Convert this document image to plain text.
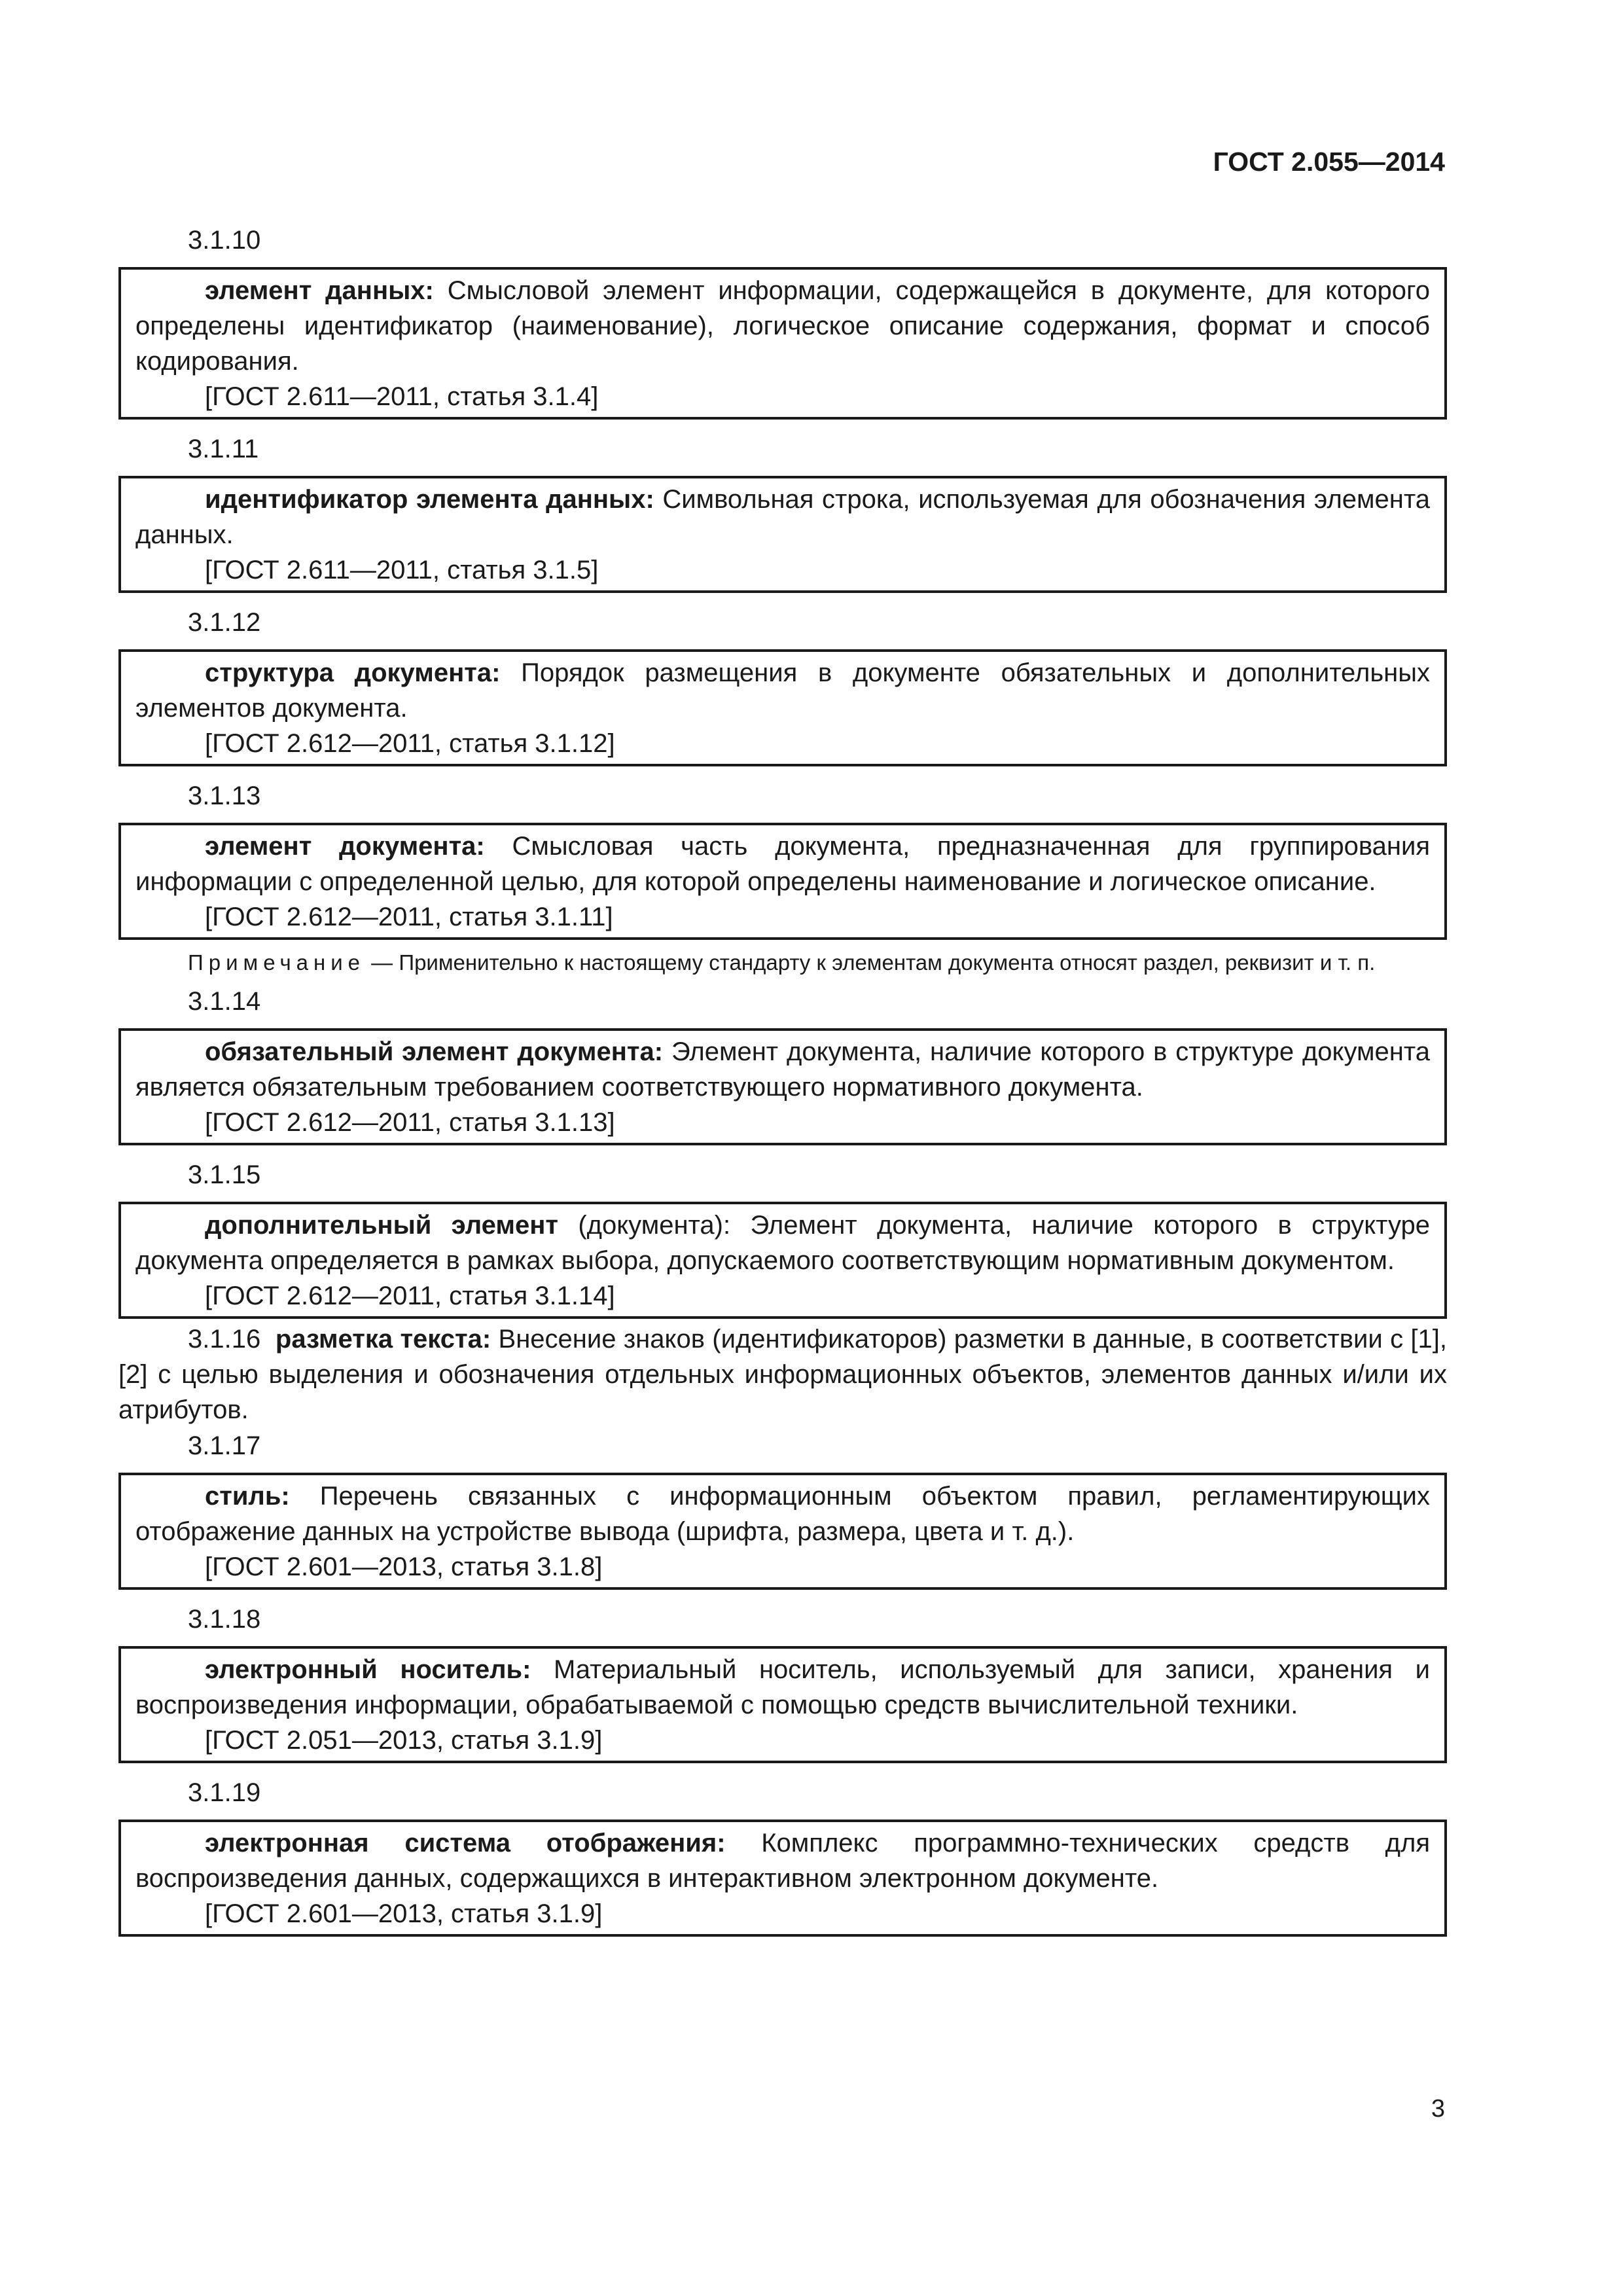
ГОСТ 2.055—2014
3.1.10
элемент данных: Смысловой элемент информации, содержащейся в документе, для которого определены идентификатор (наименование), логическое описание содержания, формат и способ кодирования.
[ГОСТ 2.611—2011, статья 3.1.4]
3.1.11
идентификатор элемента данных: Символьная строка, используемая для обозначения элемента данных.
[ГОСТ 2.611—2011, статья 3.1.5]
3.1.12
структура документа: Порядок размещения в документе обязательных и дополнительных элементов документа.
[ГОСТ 2.612—2011, статья 3.1.12]
3.1.13
элемент документа: Смысловая часть документа, предназначенная для группирования информации с определенной целью, для которой определены наименование и логическое описание.
[ГОСТ 2.612—2011, статья 3.1.11]
Примечание — Применительно к настоящему стандарту к элементам документа относят раздел, реквизит и т. п.
3.1.14
обязательный элемент документа: Элемент документа, наличие которого в структуре документа является обязательным требованием соответствующего нормативного документа.
[ГОСТ 2.612—2011, статья 3.1.13]
3.1.15
дополнительный элемент (документа): Элемент документа, наличие которого в структуре документа определяется в рамках выбора, допускаемого соответствующим нормативным документом.
[ГОСТ 2.612—2011, статья 3.1.14]
3.1.16 разметка текста: Внесение знаков (идентификаторов) разметки в данные, в соответствии с [1], [2] с целью выделения и обозначения отдельных информационных объектов, элементов данных и/или их атрибутов.
3.1.17
стиль: Перечень связанных с информационным объектом правил, регламентирующих отображение данных на устройстве вывода (шрифта, размера, цвета и т. д.).
[ГОСТ 2.601—2013, статья 3.1.8]
3.1.18
электронный носитель: Материальный носитель, используемый для записи, хранения и воспроизведения информации, обрабатываемой с помощью средств вычислительной техники.
[ГОСТ 2.051—2013, статья 3.1.9]
3.1.19
электронная система отображения: Комплекс программно-технических средств для воспроизведения данных, содержащихся в интерактивном электронном документе.
[ГОСТ 2.601—2013, статья 3.1.9]
3
